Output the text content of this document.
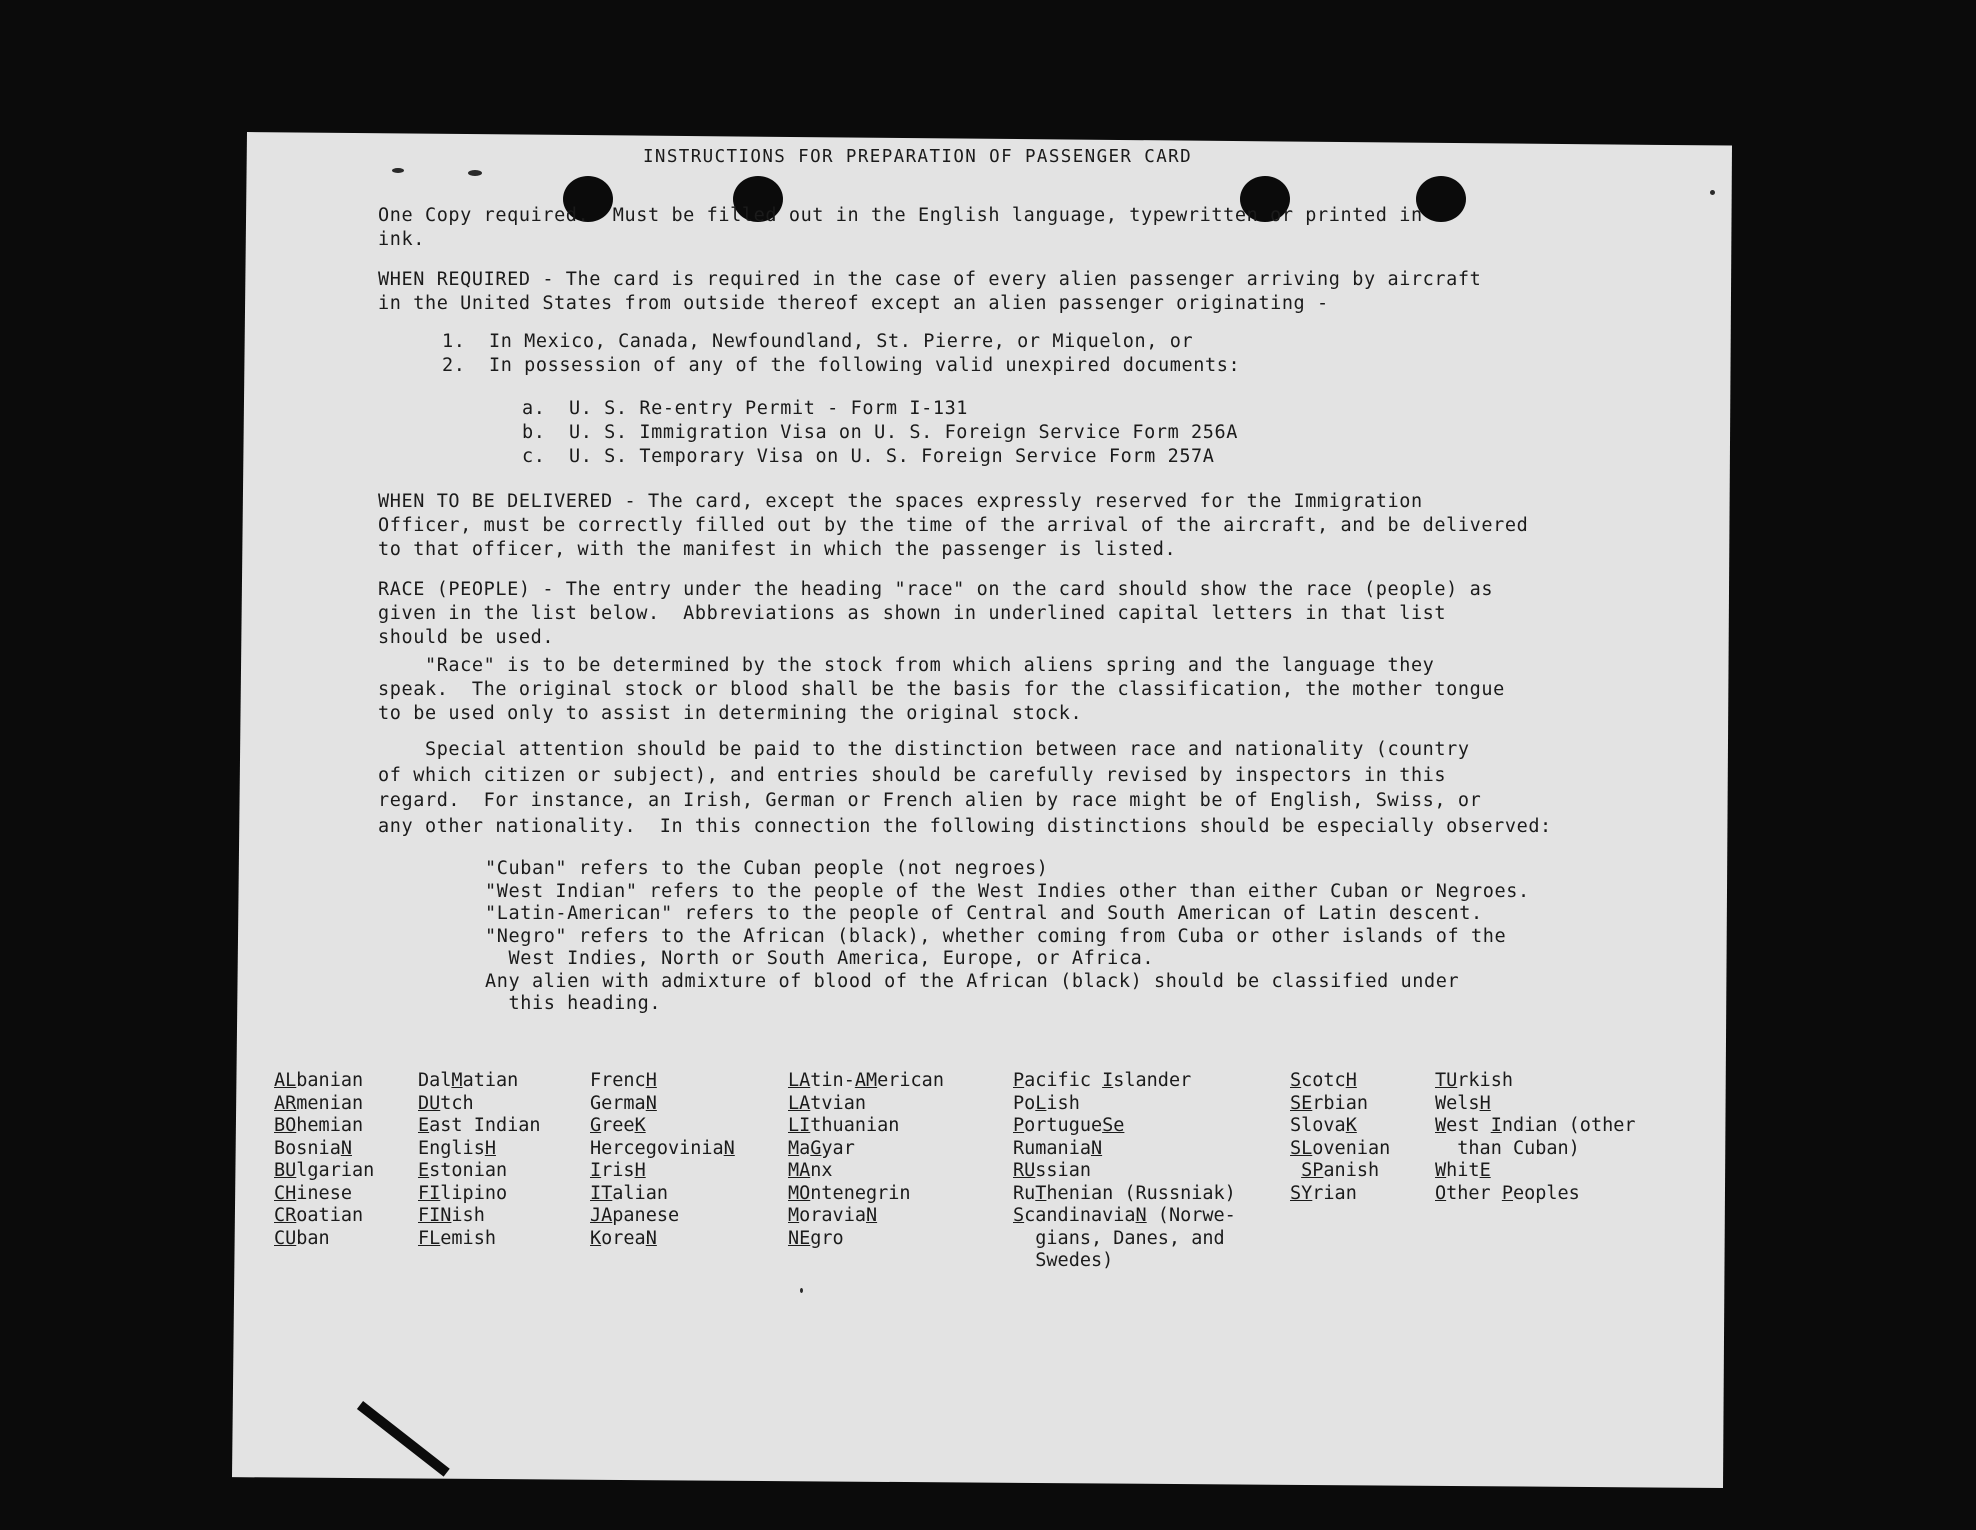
INSTRUCTIONS FOR PREPARATION OF PASSENGER CARD
One Copy required.  Must be filled out in the English language, typewritten or printed in
ink.
WHEN REQUIRED - The card is required in the case of every alien passenger arriving by aircraft
in the United States from outside thereof except an alien passenger originating -
1.  In Mexico, Canada, Newfoundland, St. Pierre, or Miquelon, or
2.  In possession of any of the following valid unexpired documents:
a.  U. S. Re-entry Permit - Form I-131
b.  U. S. Immigration Visa on U. S. Foreign Service Form 256A
c.  U. S. Temporary Visa on U. S. Foreign Service Form 257A
WHEN TO BE DELIVERED - The card, except the spaces expressly reserved for the Immigration
Officer, must be correctly filled out by the time of the arrival of the aircraft, and be delivered
to that officer, with the manifest in which the passenger is listed.
RACE (PEOPLE) - The entry under the heading "race" on the card should show the race (people) as
given in the list below.  Abbreviations as shown in underlined capital letters in that list
should be used.
"Race" is to be determined by the stock from which aliens spring and the language they
speak.  The original stock or blood shall be the basis for the classification, the mother tongue
to be used only to assist in determining the original stock.
Special attention should be paid to the distinction between race and nationality (country
of which citizen or subject), and entries should be carefully revised by inspectors in this
regard.  For instance, an Irish, German or French alien by race might be of English, Swiss, or
any other nationality.  In this connection the following distinctions should be especially observed:
"Cuban" refers to the Cuban people (not negroes)
"West Indian" refers to the people of the West Indies other than either Cuban or Negroes.
"Latin-American" refers to the people of Central and South American of Latin descent.
"Negro" refers to the African (black), whether coming from Cuba or other islands of the
West Indies, North or South America, Europe, or Africa.
Any alien with admixture of blood of the African (black) should be classified under
this heading.
ALbanian
ARmenian
BOhemian
BosniaN
BUlgarian
CHinese
CRoatian
CUban
DalMatian
DUtch
East Indian
EnglisH
Estonian
FIlipino
FINish
FLemish
FrencH
GermaN
GreeK
HercegoviniaN
IrisH
ITalian
JApanese
KoreaN
LAtin-AMerican
LAtvian
LIthuanian
MaGyar
MAnx
MOntenegrin
MoraviaN
NEgro
Pacific Islander
PoLish
PortugueSe
RumaniaN
RUssian
RuThenian (Russniak)
ScandinaviaN (Norwe-
gians, Danes, and
Swedes)
ScotcH
SErbian
SlovaK
SLovenian
SPanish
SYrian
TUrkish
WelsH
West Indian (other
than Cuban)
WhitE
Other Peoples
